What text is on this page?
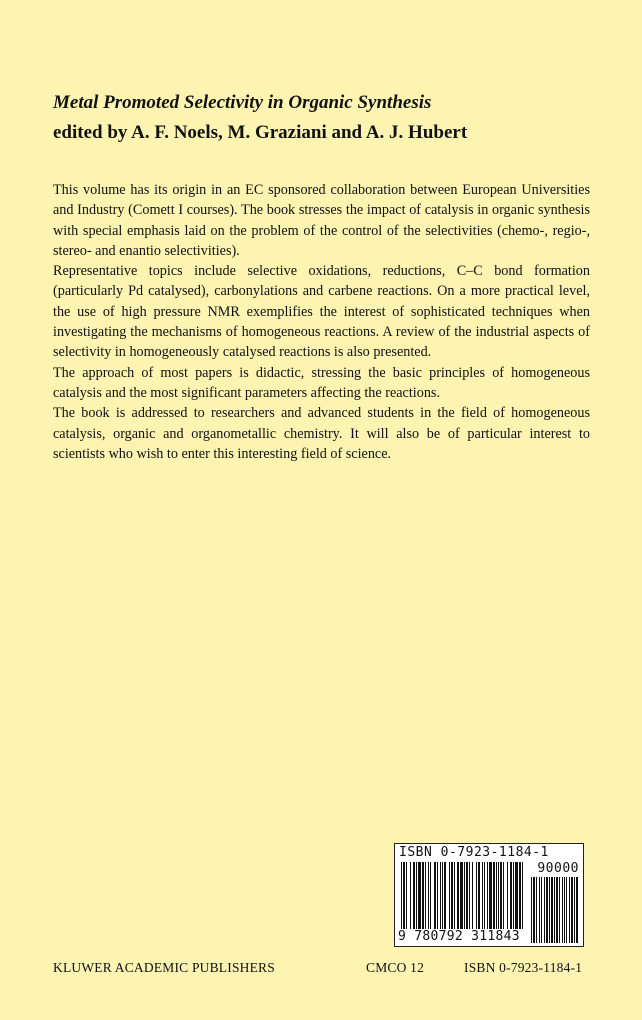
Metal Promoted Selectivity in Organic Synthesis
edited by A. F. Noels, M. Graziani and A. J. Hubert

This volume has its origin in an EC sponsored collaboration between European Universities and Industry (Comett I courses). The book stresses the impact of catalysis in organic synthesis with special emphasis laid on the problem of the control of the selectivities (chemo-, regio-, stereo- and enantio selectivities).

Representative topics include selective oxidations, reductions, C–C bond formation (particularly Pd catalysed), carbonylations and carbene reactions. On a more practical level, the use of high pressure NMR exemplifies the interest of sophisticated techniques when investigating the mechanisms of homogeneous reactions. A review of the industrial aspects of selectivity in homogeneously catalysed reactions is also presented.

The approach of most papers is didactic, stressing the basic principles of homogeneous catalysis and the most significant parameters affecting the reactions.

The book is addressed to researchers and advanced students in the field of homogeneous catalysis, organic and organometallic chemistry. It will also be of particular interest to scientists who wish to enter this interesting field of science.

ISBN 0-7923-1184-1
90000
9 780792 311843
KLUWER ACADEMIC PUBLISHERS	CMCO 12	ISBN 0-7923-1184-1
